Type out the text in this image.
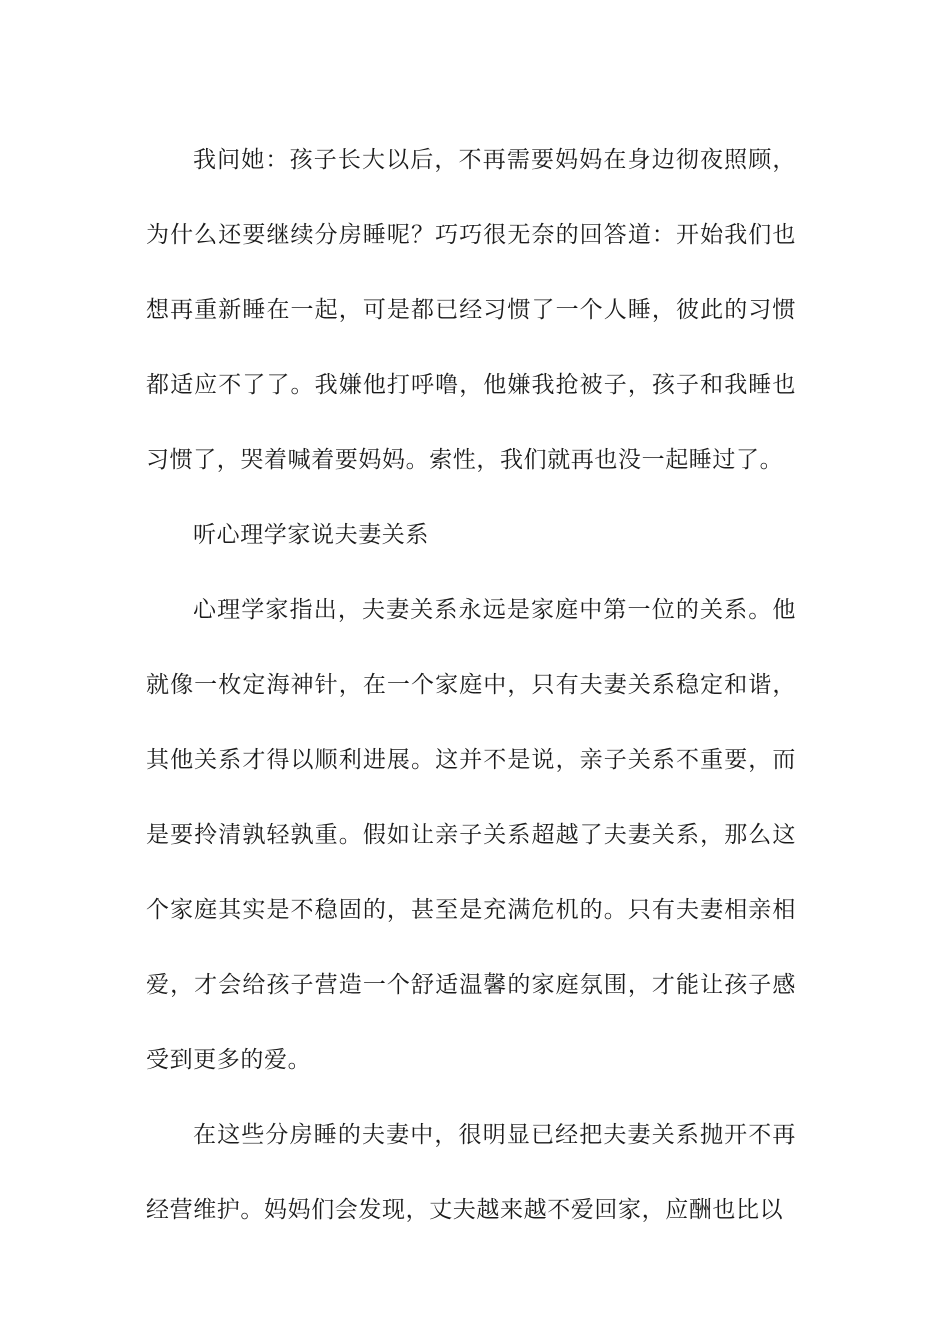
我问她：孩子长大以后，不再需要妈妈在身边彻夜照顾，为什么还要继续分房睡呢？巧巧很无奈的回答道：开始我们也想再重新睡在一起，可是都已经习惯了一个人睡，彼此的习惯都适应不了了。我嫌他打呼噜，他嫌我抢被子，孩子和我睡也习惯了，哭着喊着要妈妈。索性，我们就再也没一起睡过了。

听心理学家说夫妻关系

心理学家指出，夫妻关系永远是家庭中第一位的关系。他就像一枚定海神针，在一个家庭中，只有夫妻关系稳定和谐，其他关系才得以顺利进展。这并不是说，亲子关系不重要，而是要拎清孰轻孰重。假如让亲子关系超越了夫妻关系，那么这个家庭其实是不稳固的，甚至是充满危机的。只有夫妻相亲相爱，才会给孩子营造一个舒适温馨的家庭氛围，才能让孩子感受到更多的爱。

在这些分房睡的夫妻中，很明显已经把夫妻关系抛开不再经营维护。妈妈们会发现，丈夫越来越不爱回家，应酬也比以
